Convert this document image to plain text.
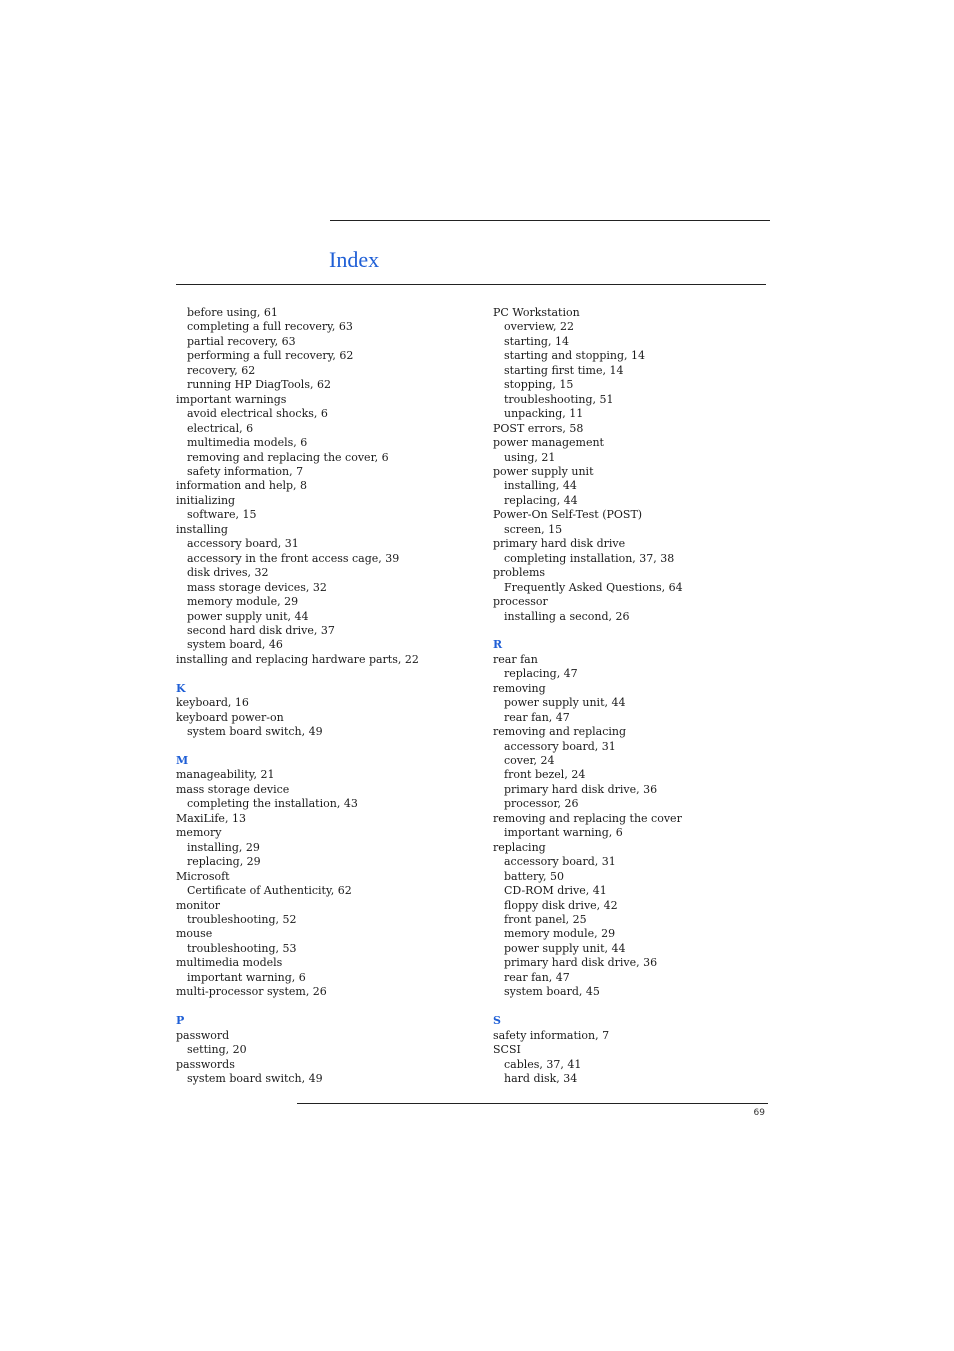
Index
before using, 61
completing a full recovery, 63
partial recovery, 63
performing a full recovery, 62
recovery, 62
running HP DiagTools, 62
important warnings
avoid electrical shocks, 6
electrical, 6
multimedia models, 6
removing and replacing the cover, 6
safety information, 7
information and help, 8
initializing
software, 15
installing
accessory board, 31
accessory in the front access cage, 39
disk drives, 32
mass storage devices, 32
memory module, 29
power supply unit, 44
second hard disk drive, 37
system board, 46
installing and replacing hardware parts, 22
K
keyboard, 16
keyboard power-on
system board switch, 49
M
manageability, 21
mass storage device
completing the installation, 43
MaxiLife, 13
memory
installing, 29
replacing, 29
Microsoft
Certificate of Authenticity, 62
monitor
troubleshooting, 52
mouse
troubleshooting, 53
multimedia models
important warning, 6
multi-processor system, 26
P
password
setting, 20
passwords
system board switch, 49
PC Workstation
overview, 22
starting, 14
starting and stopping, 14
starting first time, 14
stopping, 15
troubleshooting, 51
unpacking, 11
POST errors, 58
power management
using, 21
power supply unit
installing, 44
replacing, 44
Power-On Self-Test (POST)
screen, 15
primary hard disk drive
completing installation, 37, 38
problems
Frequently Asked Questions, 64
processor
installing a second, 26
R
rear fan
replacing, 47
removing
power supply unit, 44
rear fan, 47
removing and replacing
accessory board, 31
cover, 24
front bezel, 24
primary hard disk drive, 36
processor, 26
removing and replacing the cover
important warning, 6
replacing
accessory board, 31
battery, 50
CD-ROM drive, 41
floppy disk drive, 42
front panel, 25
memory module, 29
power supply unit, 44
primary hard disk drive, 36
rear fan, 47
system board, 45
S
safety information, 7
SCSI
cables, 37, 41
hard disk, 34
69
